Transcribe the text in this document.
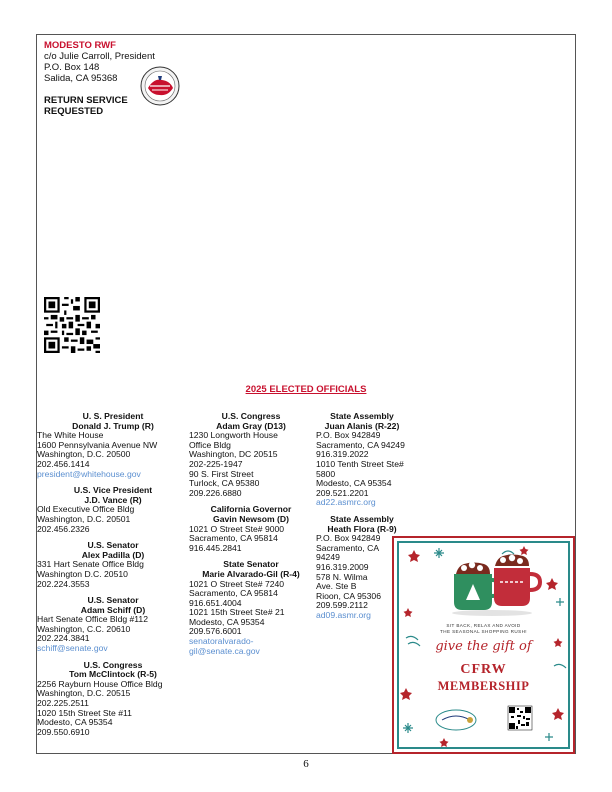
MODESTO RWF
c/o Julie Carroll, President
P.O. Box 148
Salida, CA 95368
RETURN SERVICE
REQUESTED
2025 ELECTED OFFICIALS
U. S. President
Donald J. Trump (R)
The White House
1600 Pennsylvania Avenue NW
Washington, D.C. 20500
202.456.1414
president@whitehouse.gov
U.S. Vice President
J.D. Vance (R)
Old Executive Office Bldg
Washington, D.C. 20501
202.456.2326
U.S. Senator
Alex Padilla (D)
331 Hart Senate Office Bldg
Washington D.C. 20510
202.224.3553
U.S. Senator
Adam Schiff (D)
Hart Senate Office Bldg #112
Washington, C.C. 20610
202.224.3841
schiff@senate.gov
U.S. Congress
Tom McClintock (R-5)
2256 Rayburn House Office Bldg
Washington, D.C. 20515
202.225.2511
1020 15th Street Ste #11
Modesto, CA 95354
209.550.6910
U.S. Congress
Adam Gray (D13)
1230 Longworth House
Office Bldg
Washington, DC 20515
202-225-1947
90 S. First Street
Turlock, CA 95380
209.226.6880
California Governor
Gavin Newsom (D)
1021 O Street Ste# 9000
Sacramento, CA 95814
916.445.2841
State Senator
Marie Alvarado-Gil (R-4)
1021 O Street Ste# 7240
Sacramento, CA 95814
916.651.4004
1021 15th Street Ste# 21
Modesto, CA 95354
209.576.6001
senatoralvarado-
gil@senate.ca.gov
State Assembly
Juan Alanis (R-22)
P.O. Box 942849
Sacramento, CA 94249
916.319.2022
1010 Tenth Street Ste# 5800
Modesto, CA 95354
209.521.2201
ad22.asmrc.org
State Assembly
Heath Flora (R-9)
P.O. Box 942849
Sacramento, CA
94249
916.319.2009
578 N. Wilma
Ave. Ste B
Rioon, CA 95306
209.599.2112
ad09.asmr.org
SIT BACK, RELAX AND AVOID
THE SEASONAL SHOPPING RUSH!
give the gift of
CFRW
MEMBERSHIP
6
